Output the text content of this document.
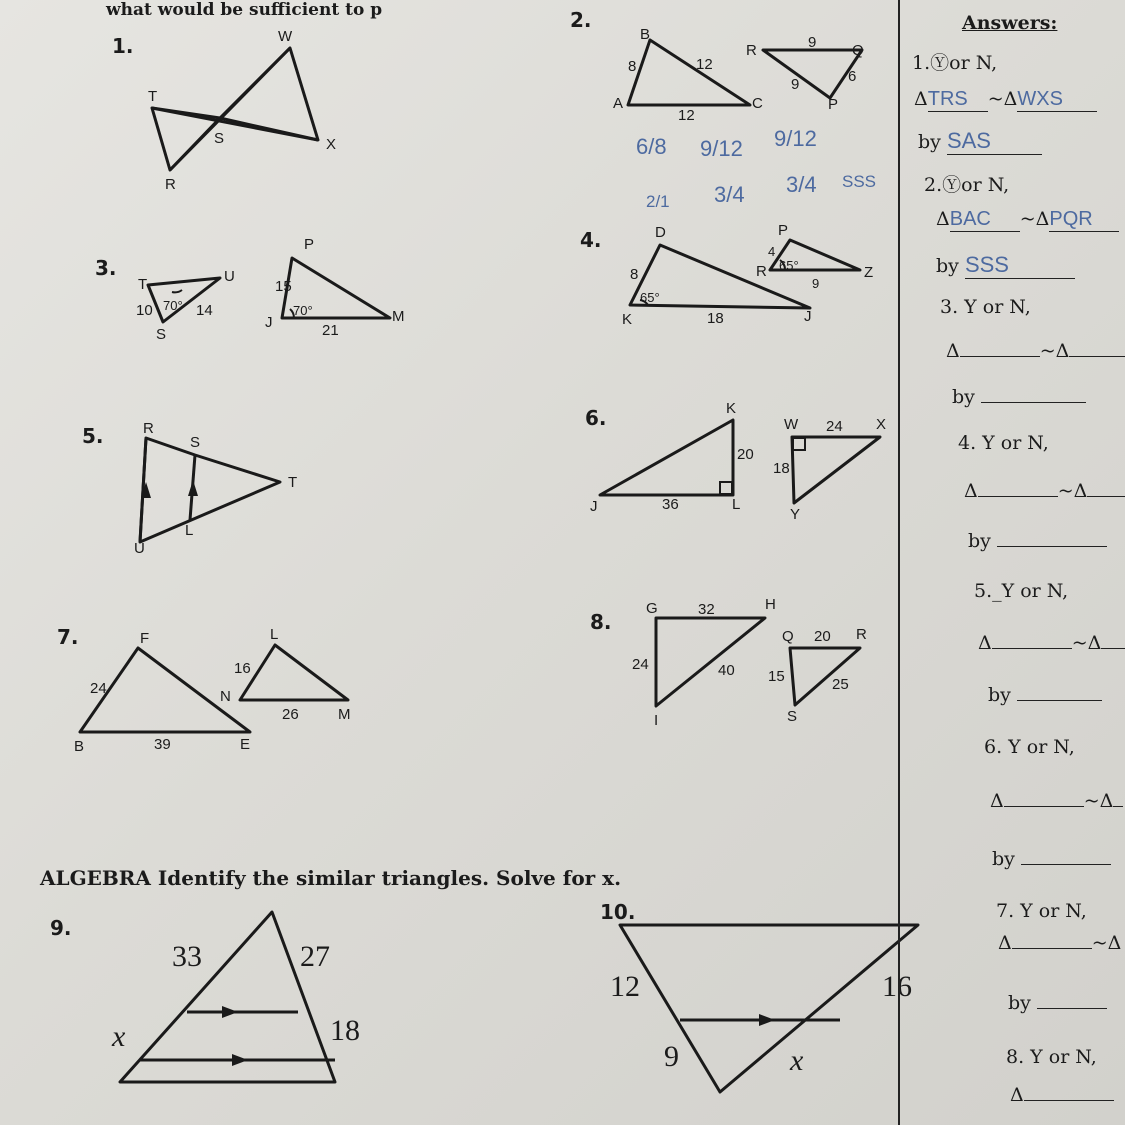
what would be sufficient to p
1.
2.
3.
4.
5.
6.
7.
8.
9.
10.
W
T
S	X
R
B
A	C
8	12
12
R	Q
P
9
9	6
6/8 9/12 9/12
3/4 3/4 SSS
2/1
T	U
S
10 70° 14
P
J	M
15
70°
21
D
K	J
8
65°
18
P
R	Z
4
65°
9
R
S
T
U
L
K
J	L
20
36
W	X
Y
24
18
F
B	E
24
39
L
N
M
16
26
G	H
I
32
24	40
Q	R
S
20
15	25
ALGEBRA Identify the similar triangles. Solve for x.
33	27
x	18
12	16
9	x
Answers:
1.Ⓨor N,
ΔTRS ~ΔWXS
by SAS
2.Ⓨor N,
ΔBAC ~ΔPQR
by SSS
3. Y or N,
Δ	~Δ
by
4. Y or N,
Δ	~Δ
by
5._Y or N,
Δ	~Δ
by
6. Y or N,
Δ	~Δ
by
7. Y or N,
Δ	~Δ
by
8. Y or N,
Δ
